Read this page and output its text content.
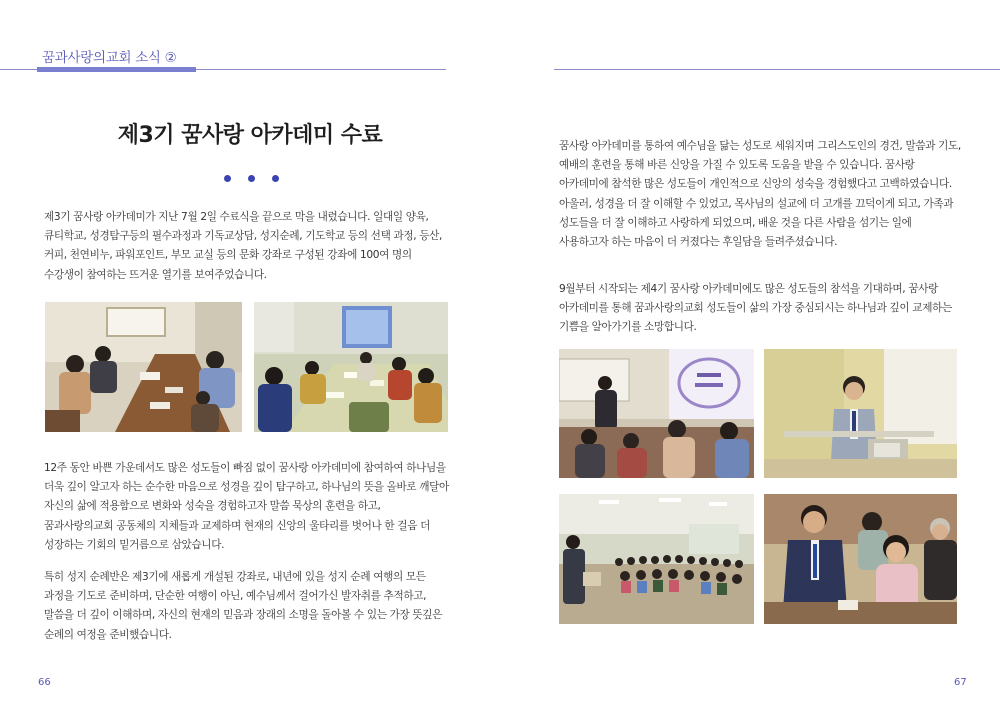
꿈과사랑의교회 소식 ②
제3기 꿈사랑 아카데미 수료

제3기 꿈사랑 아카데미가 지난 7월 2일 수료식을 끝으로 막을 내렸습니다. 일대일 양육, 큐티학교, 성경탐구등의 필수과정과 기독교상담, 성지순례, 기도학교 등의 선택 과정, 등산, 커피, 천연비누, 파워포인트, 부모 교실 등의 문화 강좌로 구성된 강좌에 100여 명의 수강생이 참여하는 뜨거운 열기를 보여주었습니다.

12주 동안 바쁜 가운데서도 많은 성도들이 빠짐 없이 꿈사랑 아카데미에 참여하여 하나님을 더욱 깊이 알고자 하는 순수한 마음으로 성경을 깊이 탐구하고, 하나님의 뜻을 올바로 깨달아 자신의 삶에 적용함으로 변화와 성숙을 경험하고자 말씀 묵상의 훈련을 하고, 꿈과사랑의교회 공동체의 지체들과 교제하며 현재의 신앙의 울타리를 벗어나 한 걸음 더 성장하는 기회의 밑거름으로 삼았습니다.

특히 성지 순례반은 제3기에 새롭게 개설된 강좌로, 내년에 있을 성지 순례 여행의 모든 과정을 기도로 준비하며, 단순한 여행이 아닌, 예수님께서 걸어가신 발자취를 추적하고, 말씀을 더 깊이 이해하며, 자신의 현재의 믿음과 장래의 소명을 돌아볼 수 있는 가장 뜻깊은 순례의 여정을 준비했습니다.

66

꿈사랑 아카데미를 통하여 예수님을 닮는 성도로 세워지며 그리스도인의 경건, 말씀과 기도, 예배의 훈련을 통해 바른 신앙을 가질 수 있도록 도움을 받을 수 있습니다. 꿈사랑 아카데미에 참석한 많은 성도들이 개인적으로 신앙의 성숙을 경험했다고 고백하였습니다. 아울러, 성경을 더 잘 이해할 수 있었고, 목사님의 설교에 더 고개를 끄덕이게 되고, 가족과 성도들을 더 잘 이해하고 사랑하게 되었으며, 배운 것을 다른 사람을 섬기는 일에 사용하고자 하는 마음이 더 커졌다는 후일담을 들려주셨습니다.

9월부터 시작되는 제4기 꿈사랑 아카데미에도 많은 성도들의 참석을 기대하며, 꿈사랑 아카데미를 통해 꿈과사랑의교회 성도들이 삶의 가장 중심되시는 하나님과 깊이 교제하는 기쁨을 알아가기를 소망합니다.

67
